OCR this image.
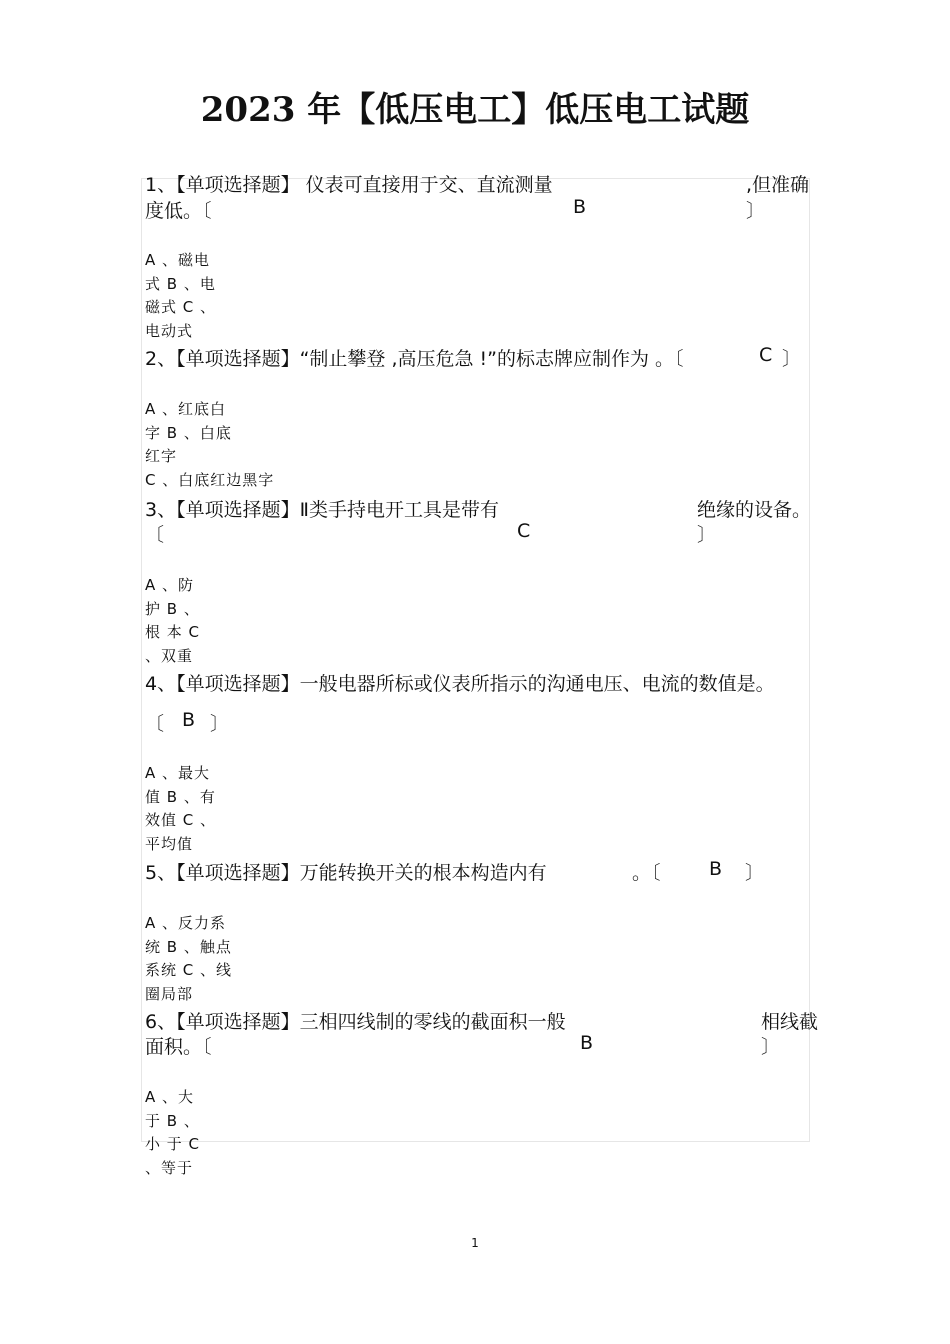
2023 年【低压电工】低压电工试题
1、【单项选择题】 仪表可直接用于交、直流测量	,但准确
度低。〔	B	〕
A 、磁电
式 B 、电
磁式 C 、
电动式
2、【单项选择题】“制止攀登 ,高压危急 !”的标志牌应制作为 。〔	C 〕
A 、红底白
字 B 、白底
红字
C 、白底红边黑字
3、【单项选择题】Ⅱ类手持电开工具是带有	绝缘的设备。
〔	C	〕
A 、防
护 B 、
根 本 C
、双重
4、【单项选择题】一般电器所标或仪表所指示的沟通电压、电流的数值是。
〔 B 〕
A 、最大
值 B 、有
效值 C 、
平均值
5、【单项选择题】万能转换开关的根本构造内有	。〔	B 〕
A 、反力系
统 B 、触点
系统 C 、线
圈局部
6、【单项选择题】三相四线制的零线的截面积一般	相线截
面积。〔	B	〕
A 、大
于 B 、
小 于 C
、等于
1
